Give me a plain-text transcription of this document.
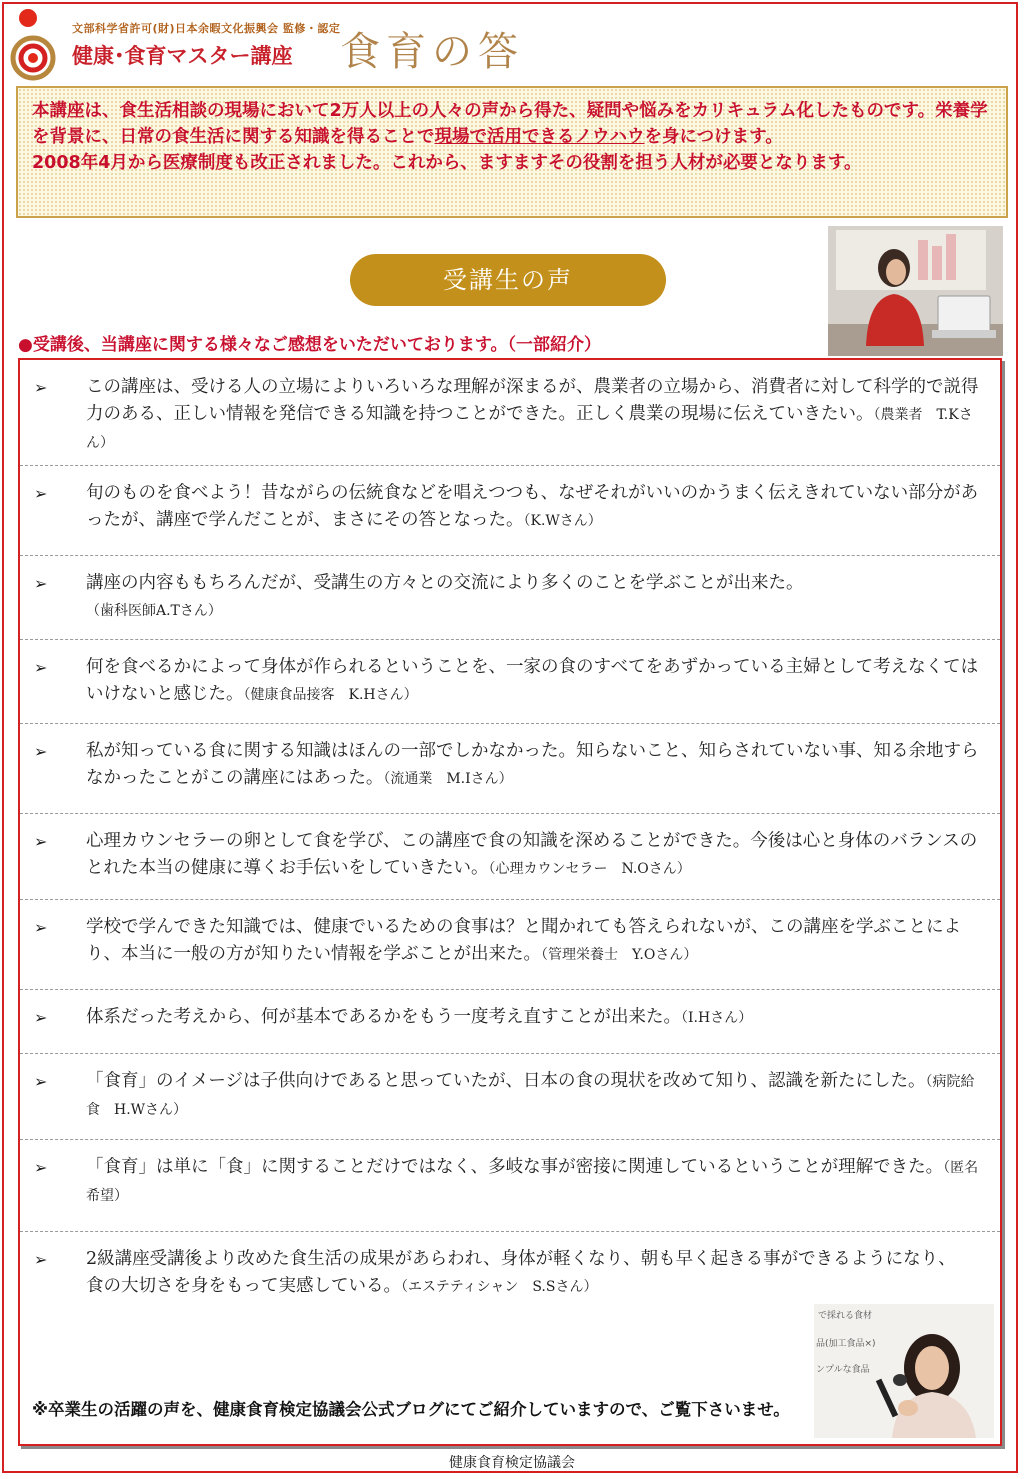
文部科学省許可(財)日本余暇文化振興会 監修・認定
健康･食育マスター講座 食育の答

本講座は、食生活相談の現場において2万人以上の人々の声から得た、疑問や悩みをカリキュラム化したものです。栄養学を背景に、日常の食生活に関する知識を得ることで現場で活用できるノウハウを身につけます。

2008年4月から医療制度も改正されました。これから、ますますその役割を担う人材が必要となります。

受講生の声
●受講後、当講座に関する様々なご感想をいただいております。（一部紹介）
➢ この講座は、受ける人の立場によりいろいろな理解が深まるが、農業者の立場から、消費者に対して科学的で説得力のある、正しい情報を発信できる知識を持つことができた。正しく農業の現場に伝えていきたい。（農業者　T.Kさん）
➢ 旬のものを食べよう！昔ながらの伝統食などを唱えつつも、なぜそれがいいのかうまく伝えきれていない部分があったが、講座で学んだことが、まさにその答となった。（K.Wさん）
➢ 講座の内容ももちろんだが、受講生の方々との交流により多くのことを学ぶことが出来た。
（歯科医師A.Tさん）
➢ 何を食べるかによって身体が作られるということを、一家の食のすべてをあずかっている主婦として考えなくてはいけないと感じた。（健康食品接客　K.Hさん）
➢ 私が知っている食に関する知識はほんの一部でしかなかった。知らないこと、知らされていない事、知る余地すらなかったことがこの講座にはあった。（流通業　M.Iさん）
➢ 心理カウンセラーの卵として食を学び、この講座で食の知識を深めることができた。今後は心と身体のバランスのとれた本当の健康に導くお手伝いをしていきたい。（心理カウンセラー　N.Oさん）
➢ 学校で学んできた知識では、健康でいるための食事は？と聞かれても答えられないが、この講座を学ぶことにより、本当に一般の方が知りたい情報を学ぶことが出来た。（管理栄養士　Y.Oさん）
➢ 体系だった考えから、何が基本であるかをもう一度考え直すことが出来た。（I.Hさん）
➢ 「食育」のイメージは子供向けであると思っていたが、日本の食の現状を改めて知り、認識を新たにした。（病院給食　H.Wさん）
➢ 「食育」は単に「食」に関することだけではなく、多岐な事が密接に関連しているということが理解できた。（匿名希望）
➢ 2級講座受講後より改めた食生活の成果があらわれ、身体が軽くなり、朝も早く起きる事ができるようになり、食の大切さを身をもって実感している。（エステティシャン　S.Sさん）
で採れる食材
品(加工食品×)
ンプルな食品
※卒業生の活躍の声を、健康食育検定協議会公式ブログにてご紹介していますので、ご覧下さいませ。
健康食育検定協議会
